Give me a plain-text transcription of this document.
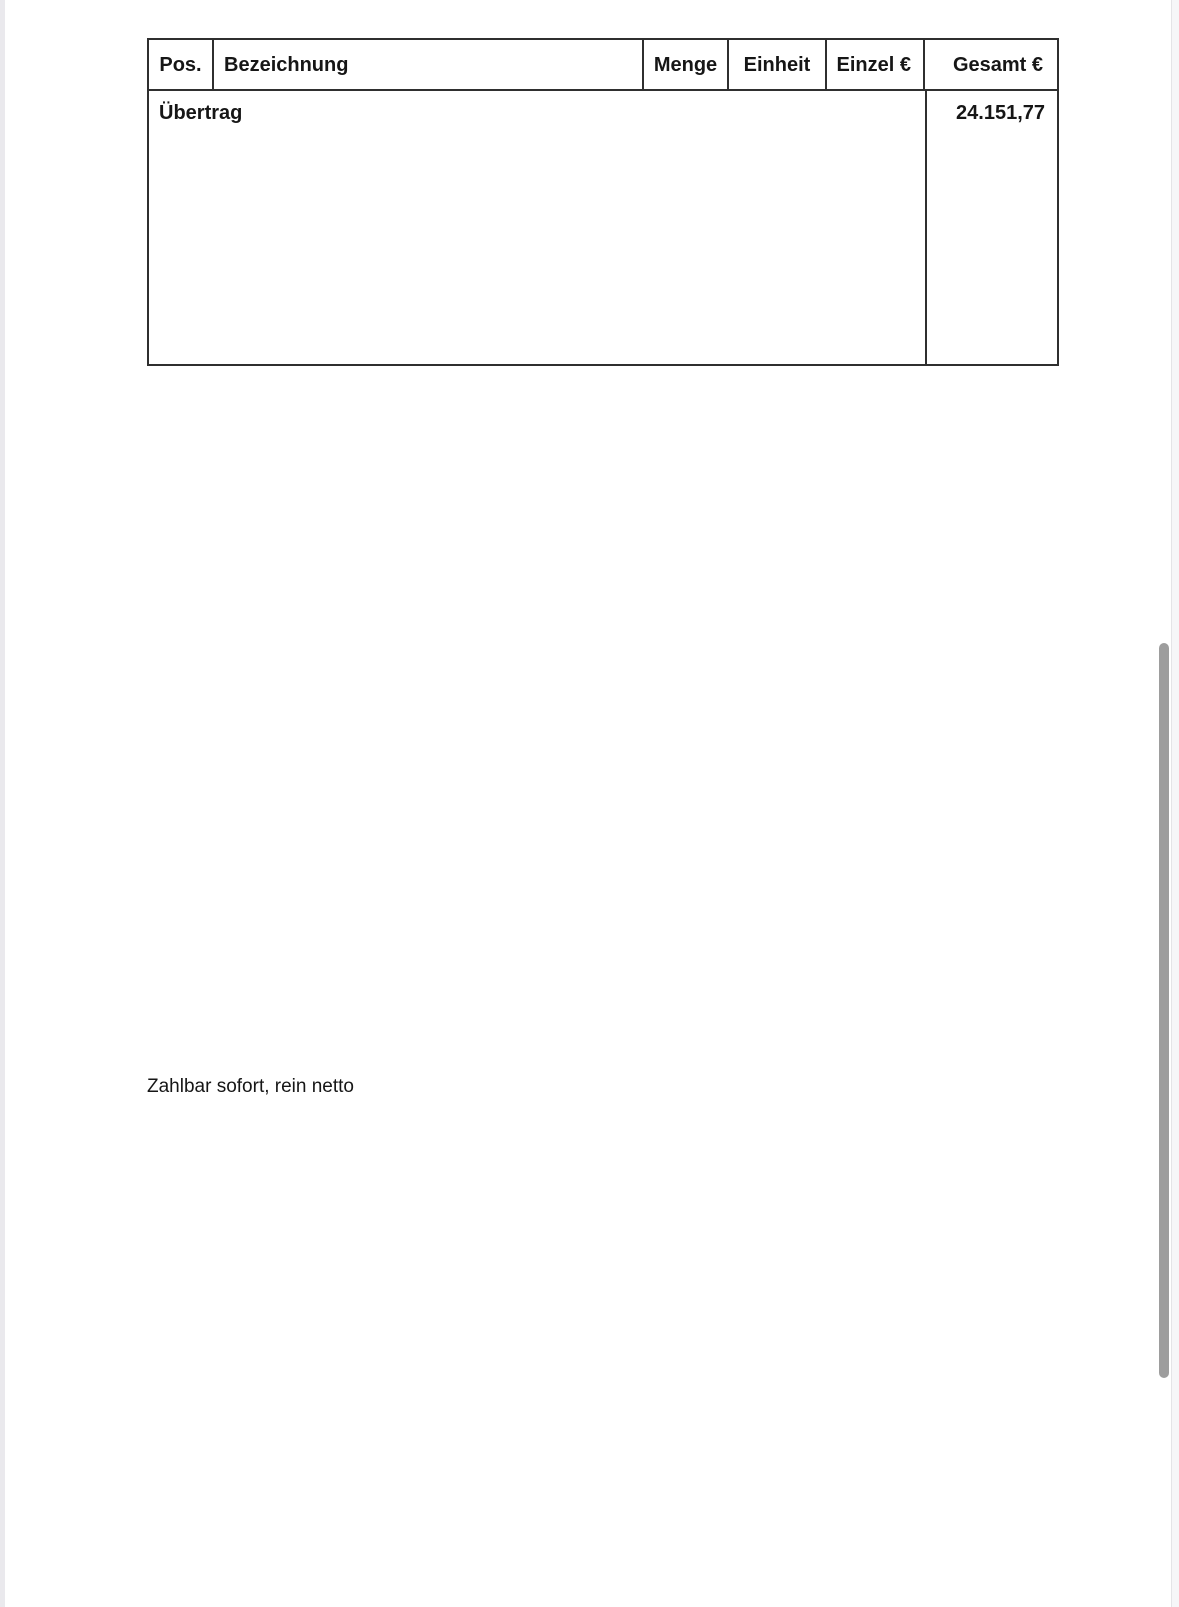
Pos.	Bezeichnung	Menge	Einheit	Einzel €	Gesamt €
Übertrag	24.151,77
Zahlbar sofort, rein netto
